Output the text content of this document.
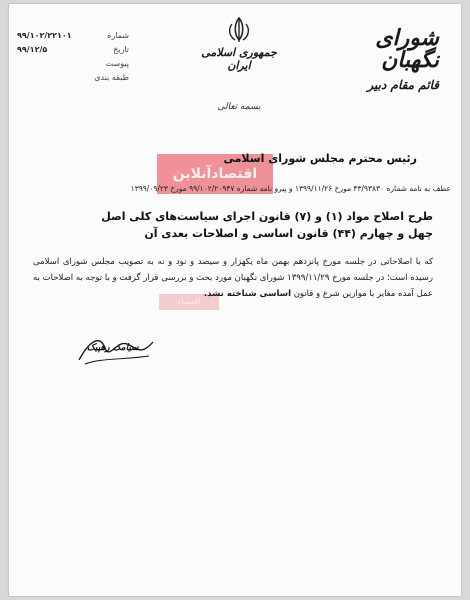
شورای نگهبان
قائم مقام دبیر
جمهوری اسلامی ایران
بسمه تعالی
۹۹/۱۰۲/۲۲۱۰۱	شماره
۹۹/۱۲/۵	تاریخ
پیوست
طبقه بندی
اقتصادآنلاین
اقتصاد
رئیس محترم مجلس شورای اسلامی
عطف به نامه شماره ۴۳/۹۳۸۳۰ مورخ ۱۳۹۹/۱۱/۲۶ و پیرو نامه شماره ۹۹/۱۰۲/۲۰۹۴۷ مورخ ۱۳۹۹/۰۹/۲۳
طرح اصلاح مواد (۱) و (۷) قانون اجرای سیاست‌های کلی اصل
چهل و چهارم (۴۴) قانون اساسی و اصلاحات بعدی آن
که با اصلاحاتی در جلسه مورخ پانزدهم بهمن ماه یکهزار و سیصد و نود و نه به تصویب مجلس شورای اسلامی رسیده است؛ در جلسه مورخ ۱۳۹۹/۱۱/۲۹ شورای نگهبان مورد بحث و بررسی قرار گرفت و با توجه به اصلاحات به عمل آمده مغایر با موازین شرع و قانون اساسی شناخته نشد.
سیامک رهپیک
